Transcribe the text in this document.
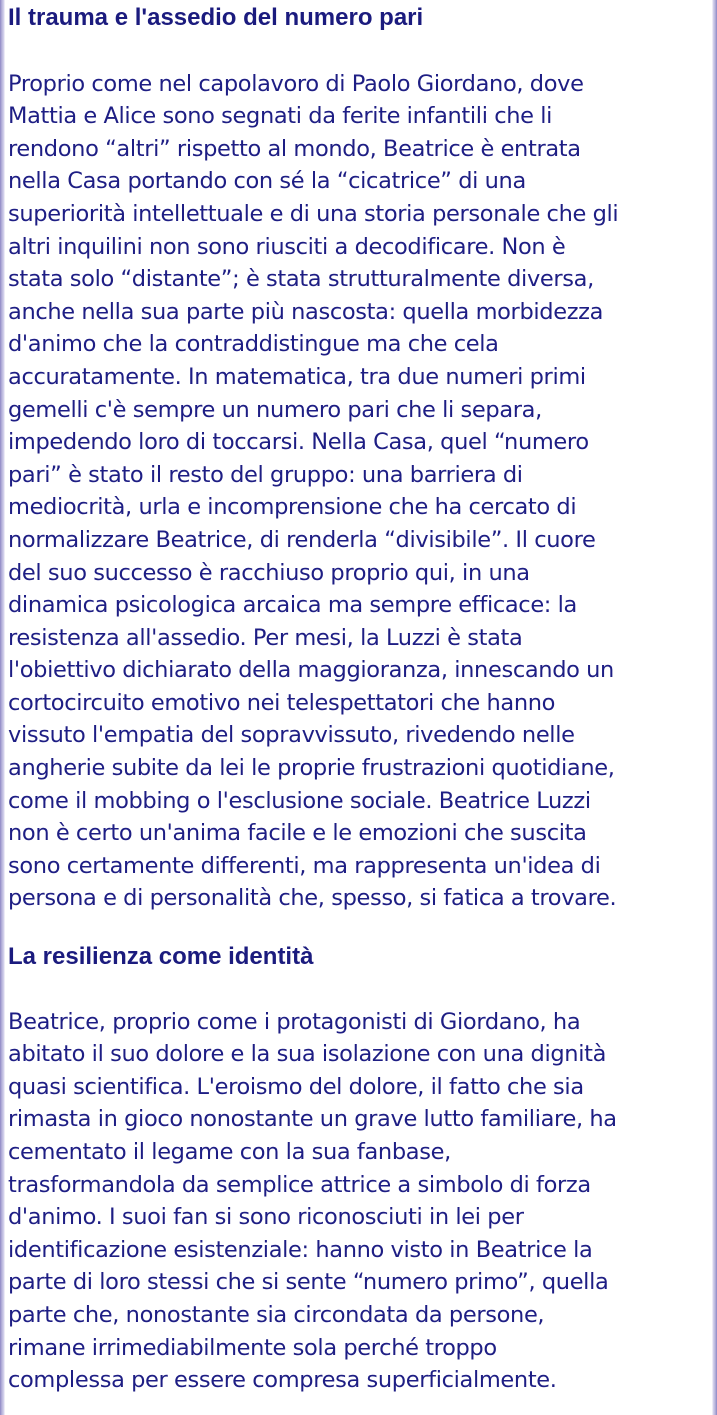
Il trauma e l'assedio del numero pari

Proprio come nel capolavoro di Paolo Giordano, dove
Mattia e Alice sono segnati da ferite infantili che li
rendono “altri” rispetto al mondo, Beatrice è entrata
nella Casa portando con sé la “cicatrice” di una
superiorità intellettuale e di una storia personale che gli
altri inquilini non sono riusciti a decodificare. Non è
stata solo “distante”; è stata strutturalmente diversa,
anche nella sua parte più nascosta: quella morbidezza
d'animo che la contraddistingue ma che cela
accuratamente. In matematica, tra due numeri primi
gemelli c'è sempre un numero pari che li separa,
impedendo loro di toccarsi. Nella Casa, quel “numero
pari” è stato il resto del gruppo: una barriera di
mediocrità, urla e incomprensione che ha cercato di
normalizzare Beatrice, di renderla “divisibile”. Il cuore
del suo successo è racchiuso proprio qui, in una
dinamica psicologica arcaica ma sempre efficace: la
resistenza all'assedio. Per mesi, la Luzzi è stata
l'obiettivo dichiarato della maggioranza, innescando un
cortocircuito emotivo nei telespettatori che hanno
vissuto l'empatia del sopravvissuto, rivedendo nelle
angherie subite da lei le proprie frustrazioni quotidiane,
come il mobbing o l'esclusione sociale. Beatrice Luzzi
non è certo un'anima facile e le emozioni che suscita
sono certamente differenti, ma rappresenta un'idea di
persona e di personalità che, spesso, si fatica a trovare.

La resilienza come identità

Beatrice, proprio come i protagonisti di Giordano, ha
abitato il suo dolore e la sua isolazione con una dignità
quasi scientifica. L'eroismo del dolore, il fatto che sia
rimasta in gioco nonostante un grave lutto familiare, ha
cementato il legame con la sua fanbase,
trasformandola da semplice attrice a simbolo di forza
d'animo. I suoi fan si sono riconosciuti in lei per
identificazione esistenziale: hanno visto in Beatrice la
parte di loro stessi che si sente “numero primo”, quella
parte che, nonostante sia circondata da persone,
rimane irrimediabilmente sola perché troppo
complessa per essere compresa superficialmente.
